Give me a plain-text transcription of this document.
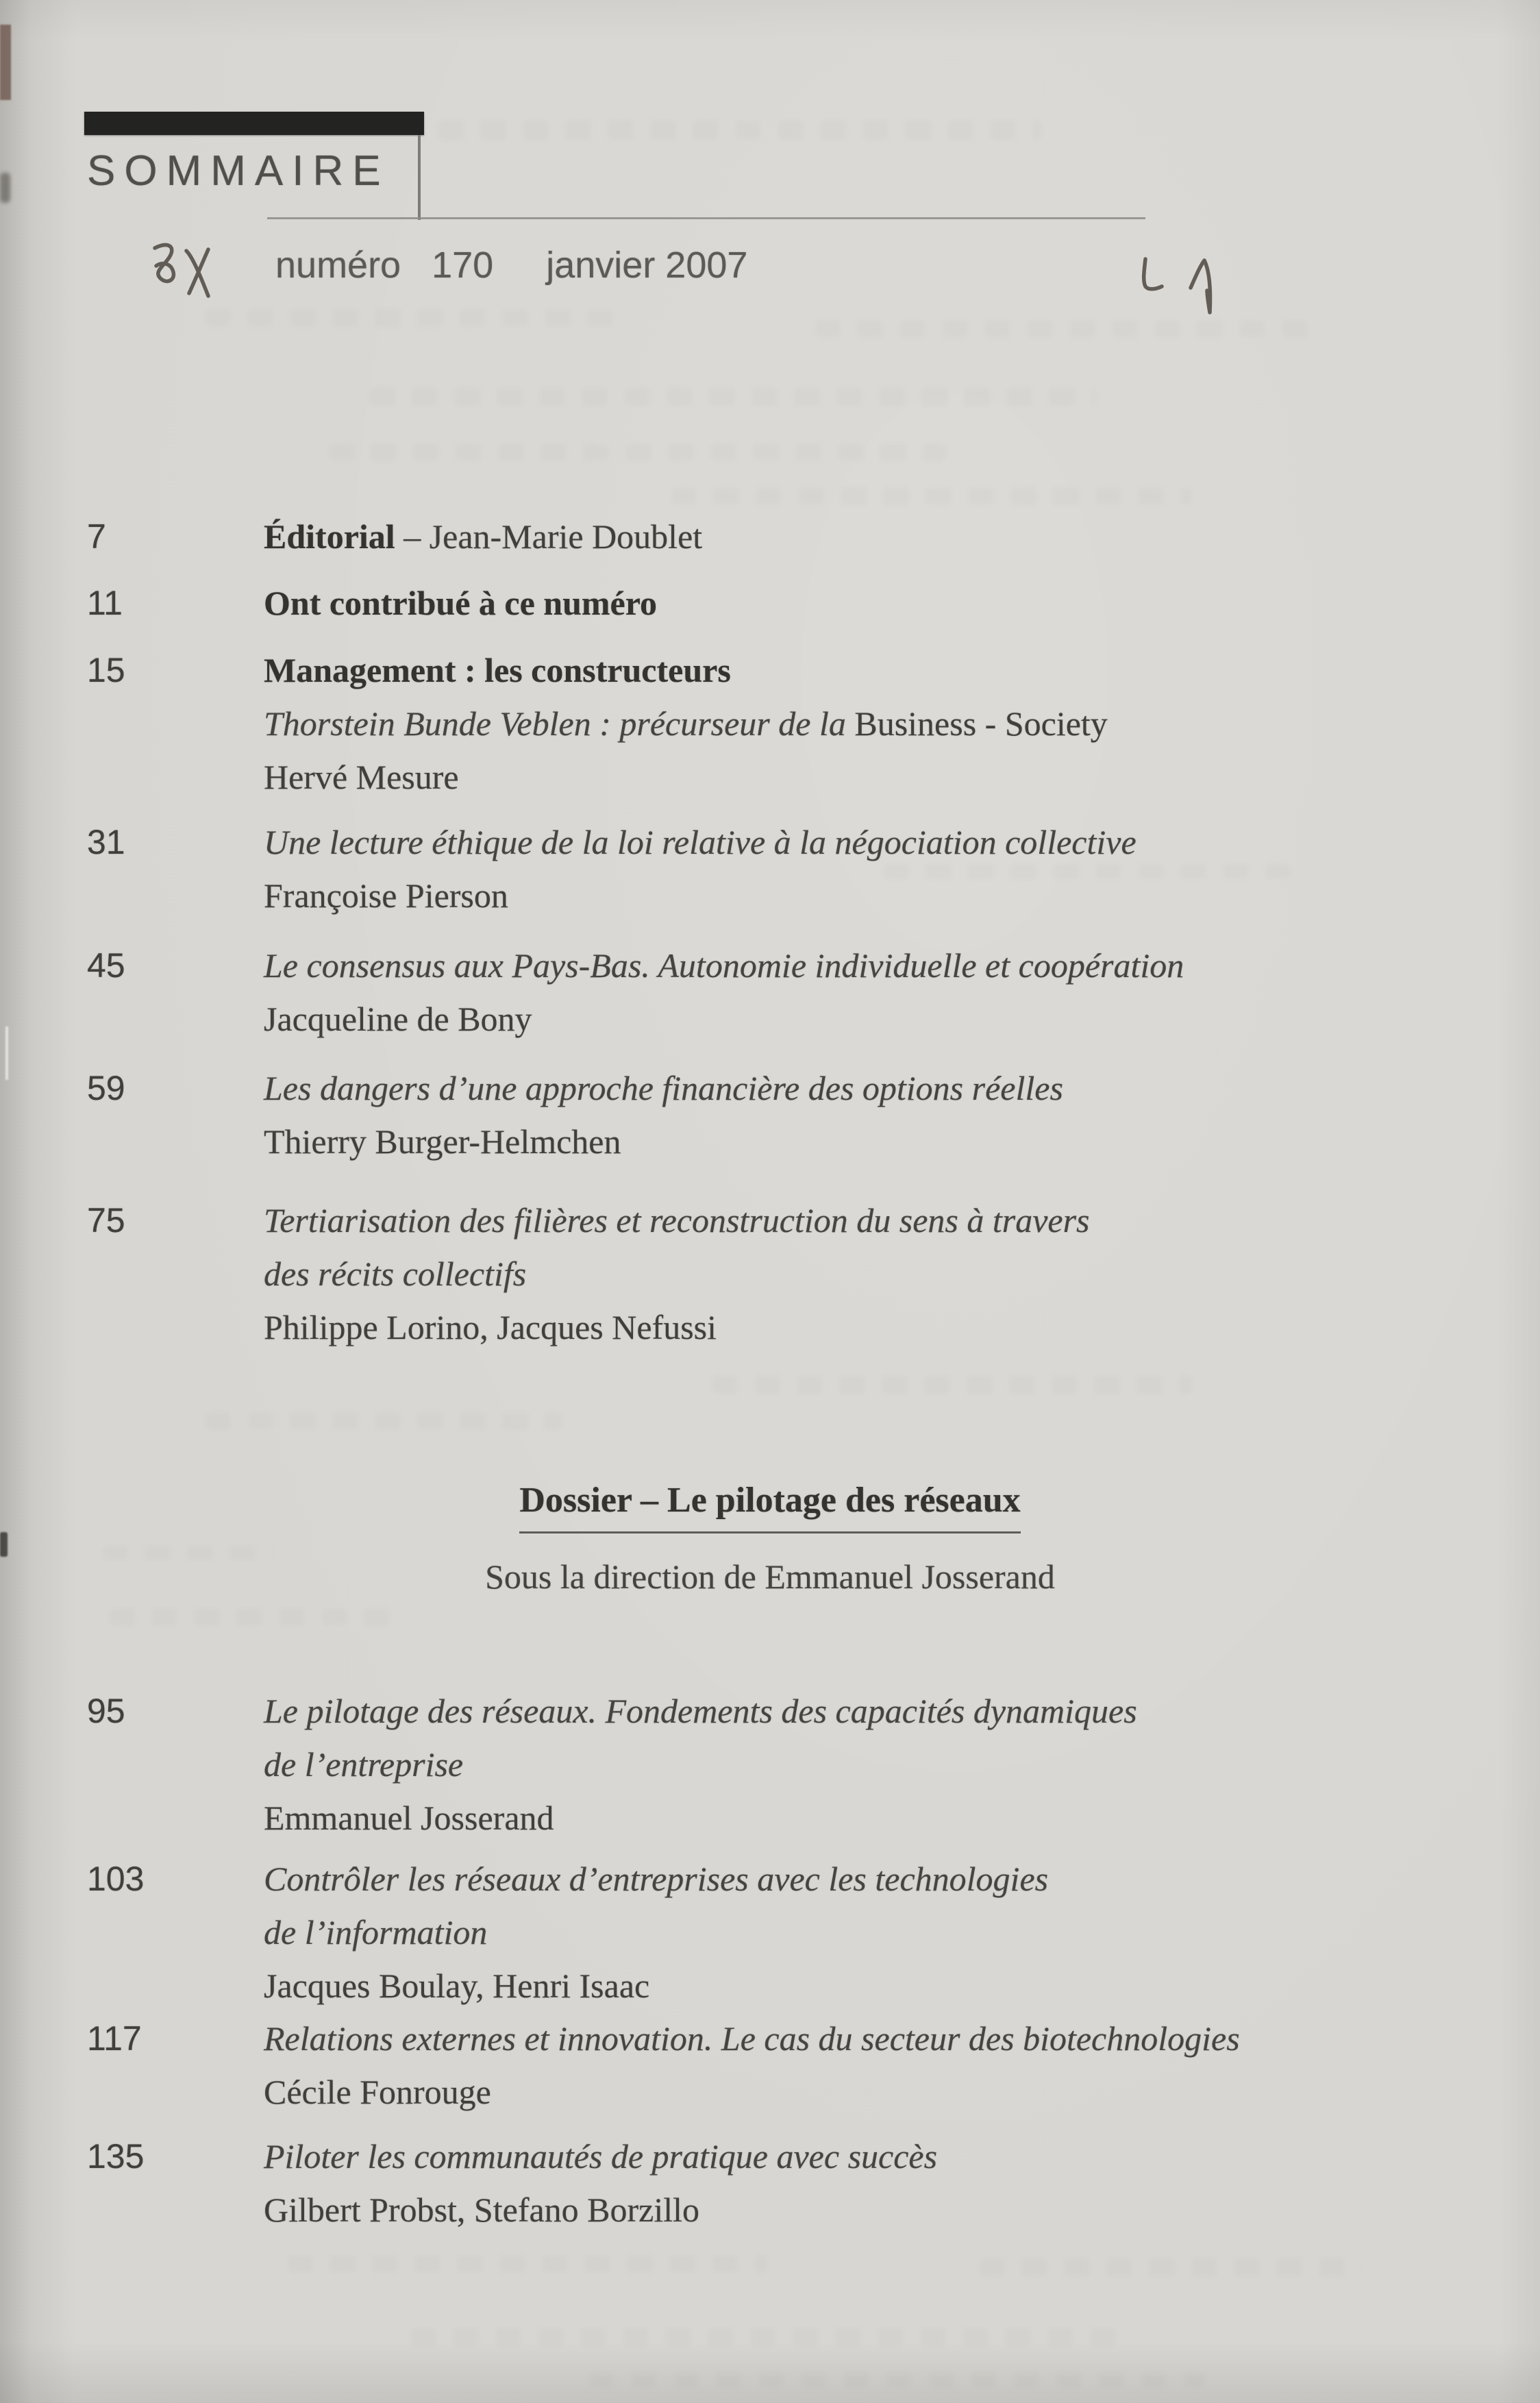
SOMMAIRE
numéro 170 janvier 2007
7	Éditorial – Jean-Marie Doublet
11	Ont contribué à ce numéro
15	Management : les constructeurs
Thorstein Bunde Veblen : précurseur de la Business - Society
Hervé Mesure
31	Une lecture éthique de la loi relative à la négociation collective
Françoise Pierson
45	Le consensus aux Pays-Bas. Autonomie individuelle et coopération
Jacqueline de Bony
59	Les dangers d’une approche financière des options réelles
Thierry Burger-Helmchen
75	Tertiarisation des filières et reconstruction du sens à travers
des récits collectifs
Philippe Lorino, Jacques Nefussi
95	Le pilotage des réseaux. Fondements des capacités dynamiques
de l’entreprise
Emmanuel Josserand
103	Contrôler les réseaux d’entreprises avec les technologies
de l’information
Jacques Boulay, Henri Isaac
117	Relations externes et innovation. Le cas du secteur des biotechnologies
Cécile Fonrouge
135	Piloter les communautés de pratique avec succès
Gilbert Probst, Stefano Borzillo
Dossier – Le pilotage des réseaux
Sous la direction de Emmanuel Josserand
